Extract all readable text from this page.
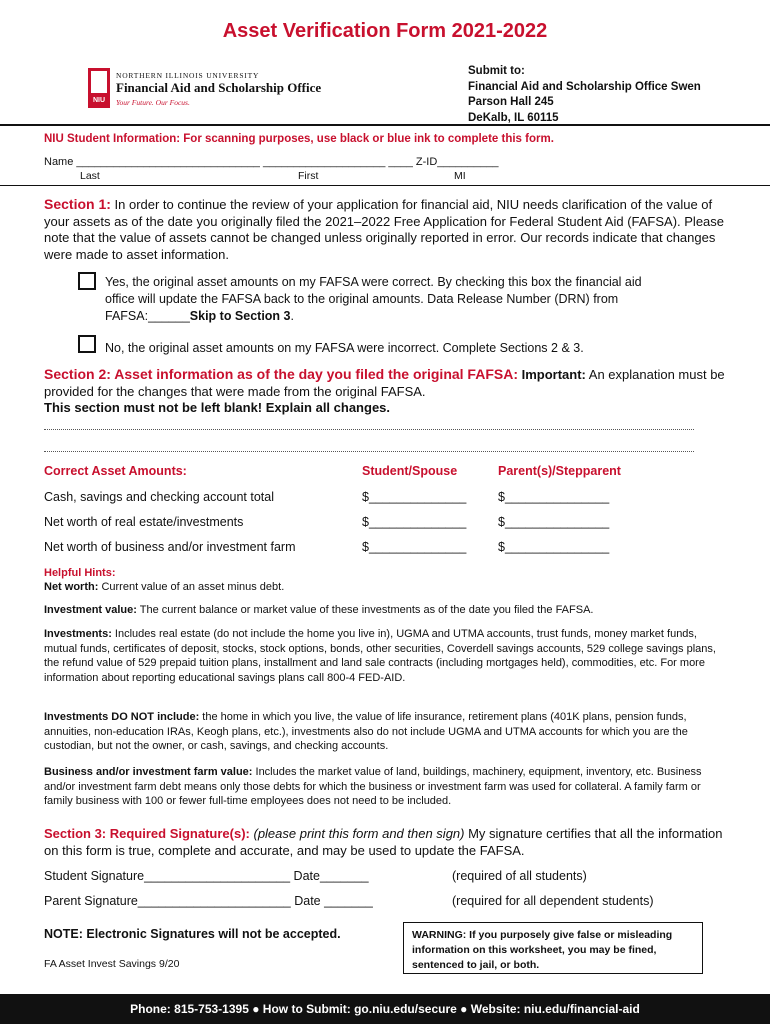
Asset Verification Form 2021-2022
NIU
NORTHERN ILLINOIS UNIVERSITY
Financial Aid and Scholarship Office
Your Future. Our Focus.
Submit to:
Financial Aid and Scholarship Office Swen
Parson Hall 245
DeKalb, IL 60115
NIU Student Information: For scanning purposes, use black or blue ink to complete this form.
Name ______________________________ ____________________ ____ Z-ID__________
Last	First	MI
Section 1: In order to continue the review of your application for financial aid, NIU needs clarification of the value of your assets as of the date you originally filed the 2021–2022 Free Application for Federal Student Aid (FAFSA). Please note that the value of assets cannot be changed unless originally reported in error. Our records indicate that changes were made to asset information.
Yes, the original asset amounts on my FAFSA were correct. By checking this box the financial aid office will update the FAFSA back to the original amounts. Data Release Number (DRN) from FAFSA:______Skip to Section 3.
No, the original asset amounts on my FAFSA were incorrect. Complete Sections 2 & 3.
Section 2: Asset information as of the day you filed the original FAFSA: Important: An explanation must be provided for the changes that were made from the original FAFSA.
This section must not be left blank! Explain all changes.
Correct Asset Amounts:	Student/Spouse	Parent(s)/Stepparent
Cash, savings and checking account total	$______________	$_______________
Net worth of real estate/investments	$______________	$_______________
Net worth of business and/or investment farm	$______________	$_______________
Helpful Hints:
Net worth: Current value of an asset minus debt.
Investment value: The current balance or market value of these investments as of the date you filed the FAFSA.
Investments: Includes real estate (do not include the home you live in), UGMA and UTMA accounts, trust funds, money market funds, mutual funds, certificates of deposit, stocks, stock options, bonds, other securities, Coverdell savings accounts, 529 college savings plans, the refund value of 529 prepaid tuition plans, installment and land sale contracts (including mortgages held), commodities, etc. For more information about reporting educational savings plans call 800-4 FED-AID.
Investments DO NOT include: the home in which you live, the value of life insurance, retirement plans (401K plans, pension funds, annuities, non-education IRAs, Keogh plans, etc.), investments also do not include UGMA and UTMA accounts for which you are the custodian, but not the owner, or cash, savings, and checking accounts.
Business and/or investment farm value: Includes the market value of land, buildings, machinery, equipment, inventory, etc. Business and/or investment farm debt means only those debts for which the business or investment farm was used for collateral. A family farm or family business with 100 or fewer full-time employees does not need to be included.
Section 3: Required Signature(s): (please print this form and then sign) My signature certifies that all the information on this form is true, complete and accurate, and may be used to update the FAFSA.
Student Signature_____________________ Date_______	(required of all students)
Parent Signature______________________ Date _______	(required for all dependent students)
NOTE: Electronic Signatures will not be accepted.
FA Asset Invest Savings 9/20
WARNING: If you purposely give false or misleading information on this worksheet, you may be fined, sentenced to jail, or both.
Phone: 815-753-1395 ● How to Submit: go.niu.edu/secure ● Website: niu.edu/financial-aid
